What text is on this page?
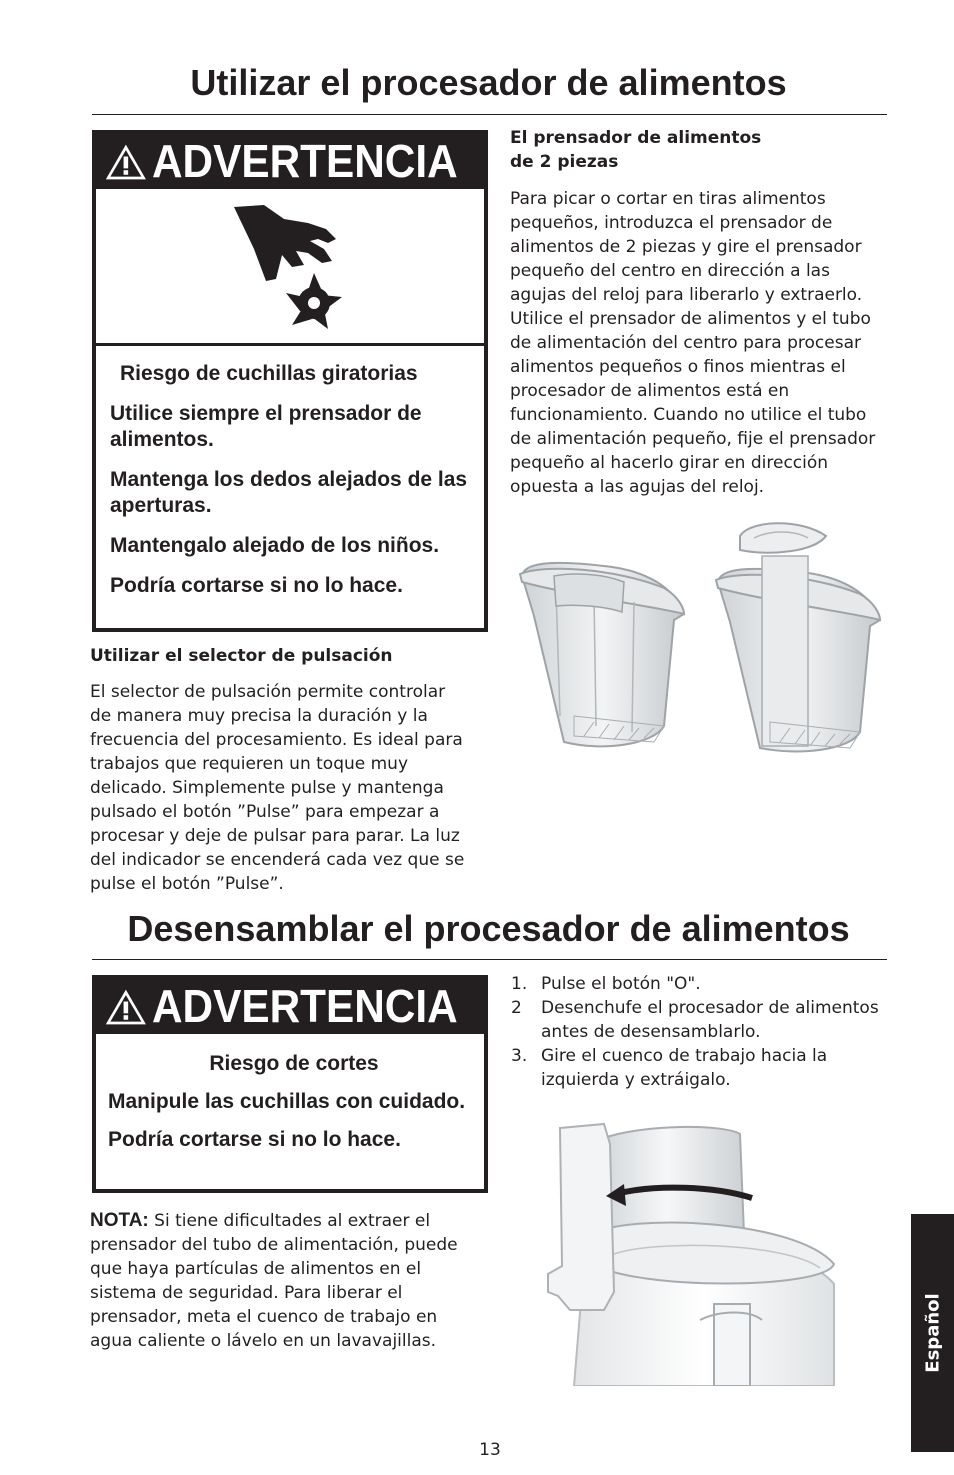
Utilizar el procesador de alimentos
ADVERTENCIA

Riesgo de cuchillas giratorias

Utilice siempre el prensador de alimentos.

Mantenga los dedos alejados de las aperturas.

Mantengalo alejado de los niños.

Podría cortarse si no lo hace.

Utilizar el selector de pulsación

El selector de pulsación permite controlar de manera muy precisa la duración y la frecuencia del procesamiento. Es ideal para trabajos que requieren un toque muy delicado. Simplemente pulse y mantenga pulsado el botón ”Pulse” para empezar a procesar y deje de pulsar para parar. La luz del indicador se encenderá cada vez que se pulse el botón ”Pulse”.

El prensador de alimentos

de 2 piezas

Para picar o cortar en tiras alimentos pequeños, introduzca el prensador de alimentos de 2 piezas y gire el prensador pequeño del centro en dirección a las agujas del reloj para liberarlo y extraerlo. Utilice el prensador de alimentos y el tubo de alimentación del centro para procesar alimentos pequeños o finos mientras el procesador de alimentos está en funcionamiento. Cuando no utilice el tubo de alimentación pequeño, fije el prensador pequeño al hacerlo girar en dirección opuesta a las agujas del reloj.

Desensamblar el procesador de alimentos
ADVERTENCIA

Riesgo de cortes

Manipule las cuchillas con cuidado.

Podría cortarse si no lo hace.

NOTA: Si tiene dificultades al extraer el prensador del tubo de alimentación, puede que haya partículas de alimentos en el sistema de seguridad. Para liberar el prensador, meta el cuenco de trabajo en agua caliente o lávelo en un lavavajillas.

1. Pulse el botón "O".
2 Desenchufe el procesador de alimentos antes de desensamblarlo.
3. Gire el cuenco de trabajo hacia la izquierda y extráigalo.
Español
13
